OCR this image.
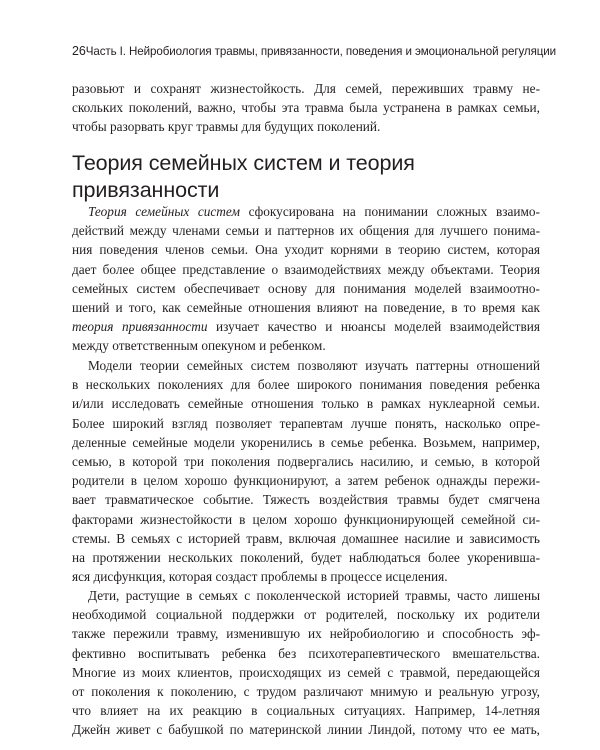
26 Часть I. Нейробиология травмы, привязанности, поведения и эмоциональной регуляции
разовьют и сохранят жизнестойкость. Для семей, переживших травму не-
скольких поколений, важно, чтобы эта травма была устранена в рамках семьи,
чтобы разорвать круг травмы для будущих поколений.
Теория семейных систем и теория
привязанности
Теория семейных систем сфокусирована на понимании сложных взаимо-
действий между членами семьи и паттернов их общения для лучшего понима-
ния поведения членов семьи. Она уходит корнями в теорию систем, которая
дает более общее представление о взаимодействиях между объектами. Теория
семейных систем обеспечивает основу для понимания моделей взаимоотно-
шений и того, как семейные отношения влияют на поведение, в то время как
теория привязанности изучает качество и нюансы моделей взаимодействия
между ответственным опекуном и ребенком.
Модели теории семейных систем позволяют изучать паттерны отношений
в нескольких поколениях для более широкого понимания поведения ребенка
и/или исследовать семейные отношения только в рамках нуклеарной семьи.
Более широкий взгляд позволяет терапевтам лучше понять, насколько опре-
деленные семейные модели укоренились в семье ребенка. Возьмем, например,
семью, в которой три поколения подвергались насилию, и семью, в которой
родители в целом хорошо функционируют, а затем ребенок однажды пережи-
вает травматическое событие. Тяжесть воздействия травмы будет смягчена
факторами жизнестойкости в целом хорошо функционирующей семейной си-
стемы. В семьях с историей травм, включая домашнее насилие и зависимость
на протяжении нескольких поколений, будет наблюдаться более укоренивша-
яся дисфункция, которая создаст проблемы в процессе исцеления.
Дети, растущие в семьях с поколенческой историей травмы, часто лишены
необходимой социальной поддержки от родителей, поскольку их родители
также пережили травму, изменившую их нейробиологию и способность эф-
фективно воспитывать ребенка без психотерапевтического вмешательства.
Многие из моих клиентов, происходящих из семей с травмой, передающейся
от поколения к поколению, с трудом различают мнимую и реальную угрозу,
что влияет на их реакцию в социальных ситуациях. Например, 14-летняя
Джейн живет с бабушкой по материнской линии Линдой, потому что ее мать,
